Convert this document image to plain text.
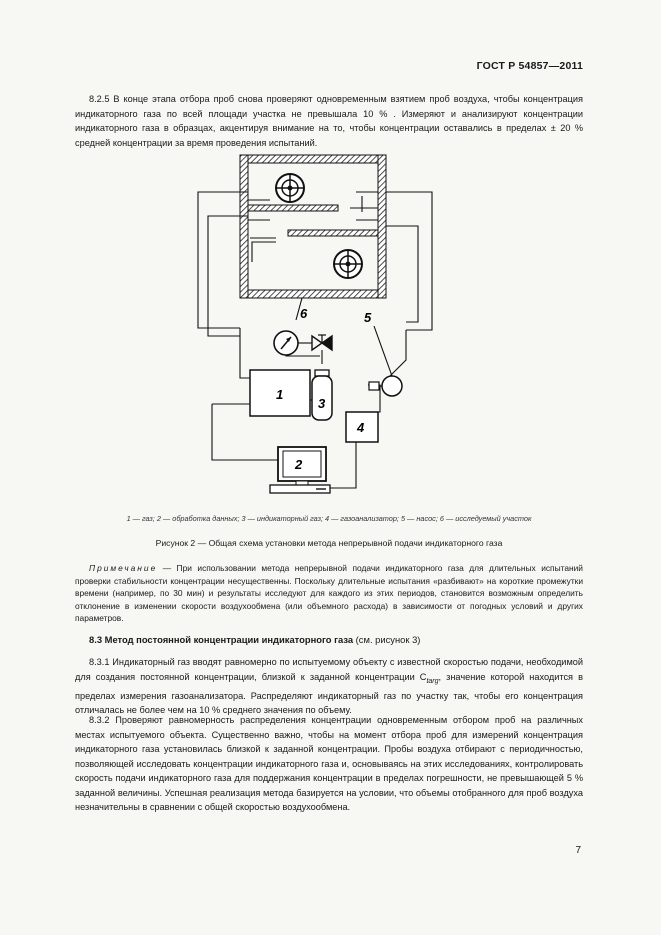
ГОСТ Р 54857—2011

8.2.5 В конце этапа отбора проб снова проверяют одновременным взятием проб воздуха, чтобы концентрация индикаторного газа по всей площади участка не превышала 10 % . Измеряют и анализируют концентрации индикаторного газа в образцах, акцентируя внимание на то, чтобы концентрации оставались в пределах ± 20 % средней концентрации за время проведения испытаний.

3
1
5
4
2
6
1 — газ; 2 — обработка данных; 3 — индикаторный газ; 4 — газоанализатор; 5 — насос; 6 — исследуемый участок
Рисунок 2 — Общая схема установки метода непрерывной подачи индикаторного газа

Примечание — При использовании метода непрерывной подачи индикаторного газа для длительных испытаний проверки стабильности концентрации несущественны. Поскольку длительные испытания «разбивают» на короткие промежутки времени (например, по 30 мин) и результаты исследуют для каждого из этих периодов, становится возможным определить отклонение в изменении скорости воздухообмена (или объемного расхода) в зависимости от погодных условий и других параметров.

8.3 Метод постоянной концентрации индикаторного газа (см. рисунок 3)

8.3.1 Индикаторный газ вводят равномерно по испытуемому объекту с известной скоростью подачи, необходимой для создания постоянной концентрации, близкой к заданной концентрации $C_{targ}$, значение которой находится в пределах измерения газоанализатора. Распределяют индикаторный газ по участку так, чтобы его концентрация отличалась не более чем на 10 % среднего значения по объему.

8.3.2 Проверяют равномерность распределения концентрации одновременным отбором проб на различных местах испытуемого объекта. Существенно важно, чтобы на момент отбора проб для измерений концентрация индикаторного газа установилась близкой к заданной концентрации. Пробы воздуха отбирают с периодичностью, позволяющей исследовать концентрации индикаторного газа и, основываясь на этих исследованиях, контролировать скорость подачи индикаторного газа для поддержания концентрации в пределах погрешности, не превышающей 5 % заданной величины. Успешная реализация метода базируется на условии, что объемы отобранного для проб воздуха незначительны в сравнении с общей скоростью воздухообмена.

7
